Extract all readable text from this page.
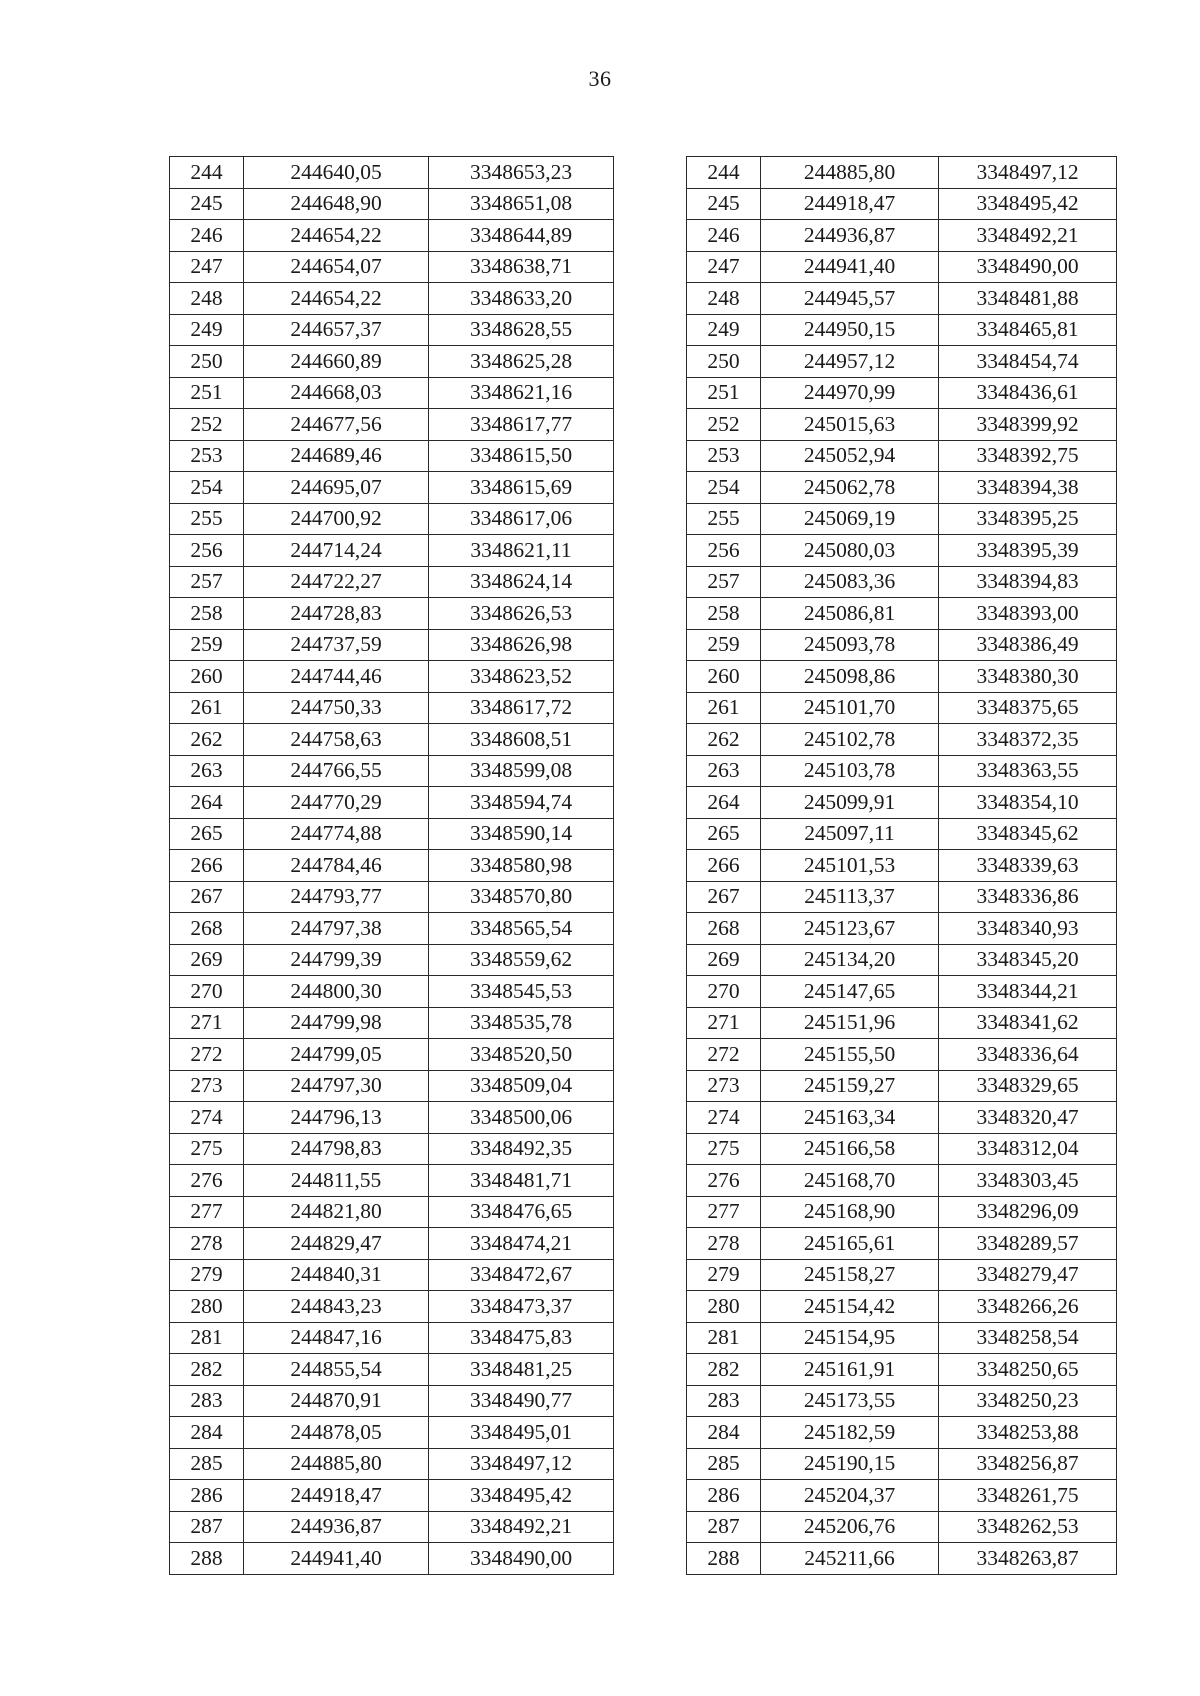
36
244	244640,05	3348653,23
245	244648,90	3348651,08
246	244654,22	3348644,89
247	244654,07	3348638,71
248	244654,22	3348633,20
249	244657,37	3348628,55
250	244660,89	3348625,28
251	244668,03	3348621,16
252	244677,56	3348617,77
253	244689,46	3348615,50
254	244695,07	3348615,69
255	244700,92	3348617,06
256	244714,24	3348621,11
257	244722,27	3348624,14
258	244728,83	3348626,53
259	244737,59	3348626,98
260	244744,46	3348623,52
261	244750,33	3348617,72
262	244758,63	3348608,51
263	244766,55	3348599,08
264	244770,29	3348594,74
265	244774,88	3348590,14
266	244784,46	3348580,98
267	244793,77	3348570,80
268	244797,38	3348565,54
269	244799,39	3348559,62
270	244800,30	3348545,53
271	244799,98	3348535,78
272	244799,05	3348520,50
273	244797,30	3348509,04
274	244796,13	3348500,06
275	244798,83	3348492,35
276	244811,55	3348481,71
277	244821,80	3348476,65
278	244829,47	3348474,21
279	244840,31	3348472,67
280	244843,23	3348473,37
281	244847,16	3348475,83
282	244855,54	3348481,25
283	244870,91	3348490,77
284	244878,05	3348495,01
285	244885,80	3348497,12
286	244918,47	3348495,42
287	244936,87	3348492,21
288	244941,40	3348490,00
244	244885,80	3348497,12
245	244918,47	3348495,42
246	244936,87	3348492,21
247	244941,40	3348490,00
248	244945,57	3348481,88
249	244950,15	3348465,81
250	244957,12	3348454,74
251	244970,99	3348436,61
252	245015,63	3348399,92
253	245052,94	3348392,75
254	245062,78	3348394,38
255	245069,19	3348395,25
256	245080,03	3348395,39
257	245083,36	3348394,83
258	245086,81	3348393,00
259	245093,78	3348386,49
260	245098,86	3348380,30
261	245101,70	3348375,65
262	245102,78	3348372,35
263	245103,78	3348363,55
264	245099,91	3348354,10
265	245097,11	3348345,62
266	245101,53	3348339,63
267	245113,37	3348336,86
268	245123,67	3348340,93
269	245134,20	3348345,20
270	245147,65	3348344,21
271	245151,96	3348341,62
272	245155,50	3348336,64
273	245159,27	3348329,65
274	245163,34	3348320,47
275	245166,58	3348312,04
276	245168,70	3348303,45
277	245168,90	3348296,09
278	245165,61	3348289,57
279	245158,27	3348279,47
280	245154,42	3348266,26
281	245154,95	3348258,54
282	245161,91	3348250,65
283	245173,55	3348250,23
284	245182,59	3348253,88
285	245190,15	3348256,87
286	245204,37	3348261,75
287	245206,76	3348262,53
288	245211,66	3348263,87
